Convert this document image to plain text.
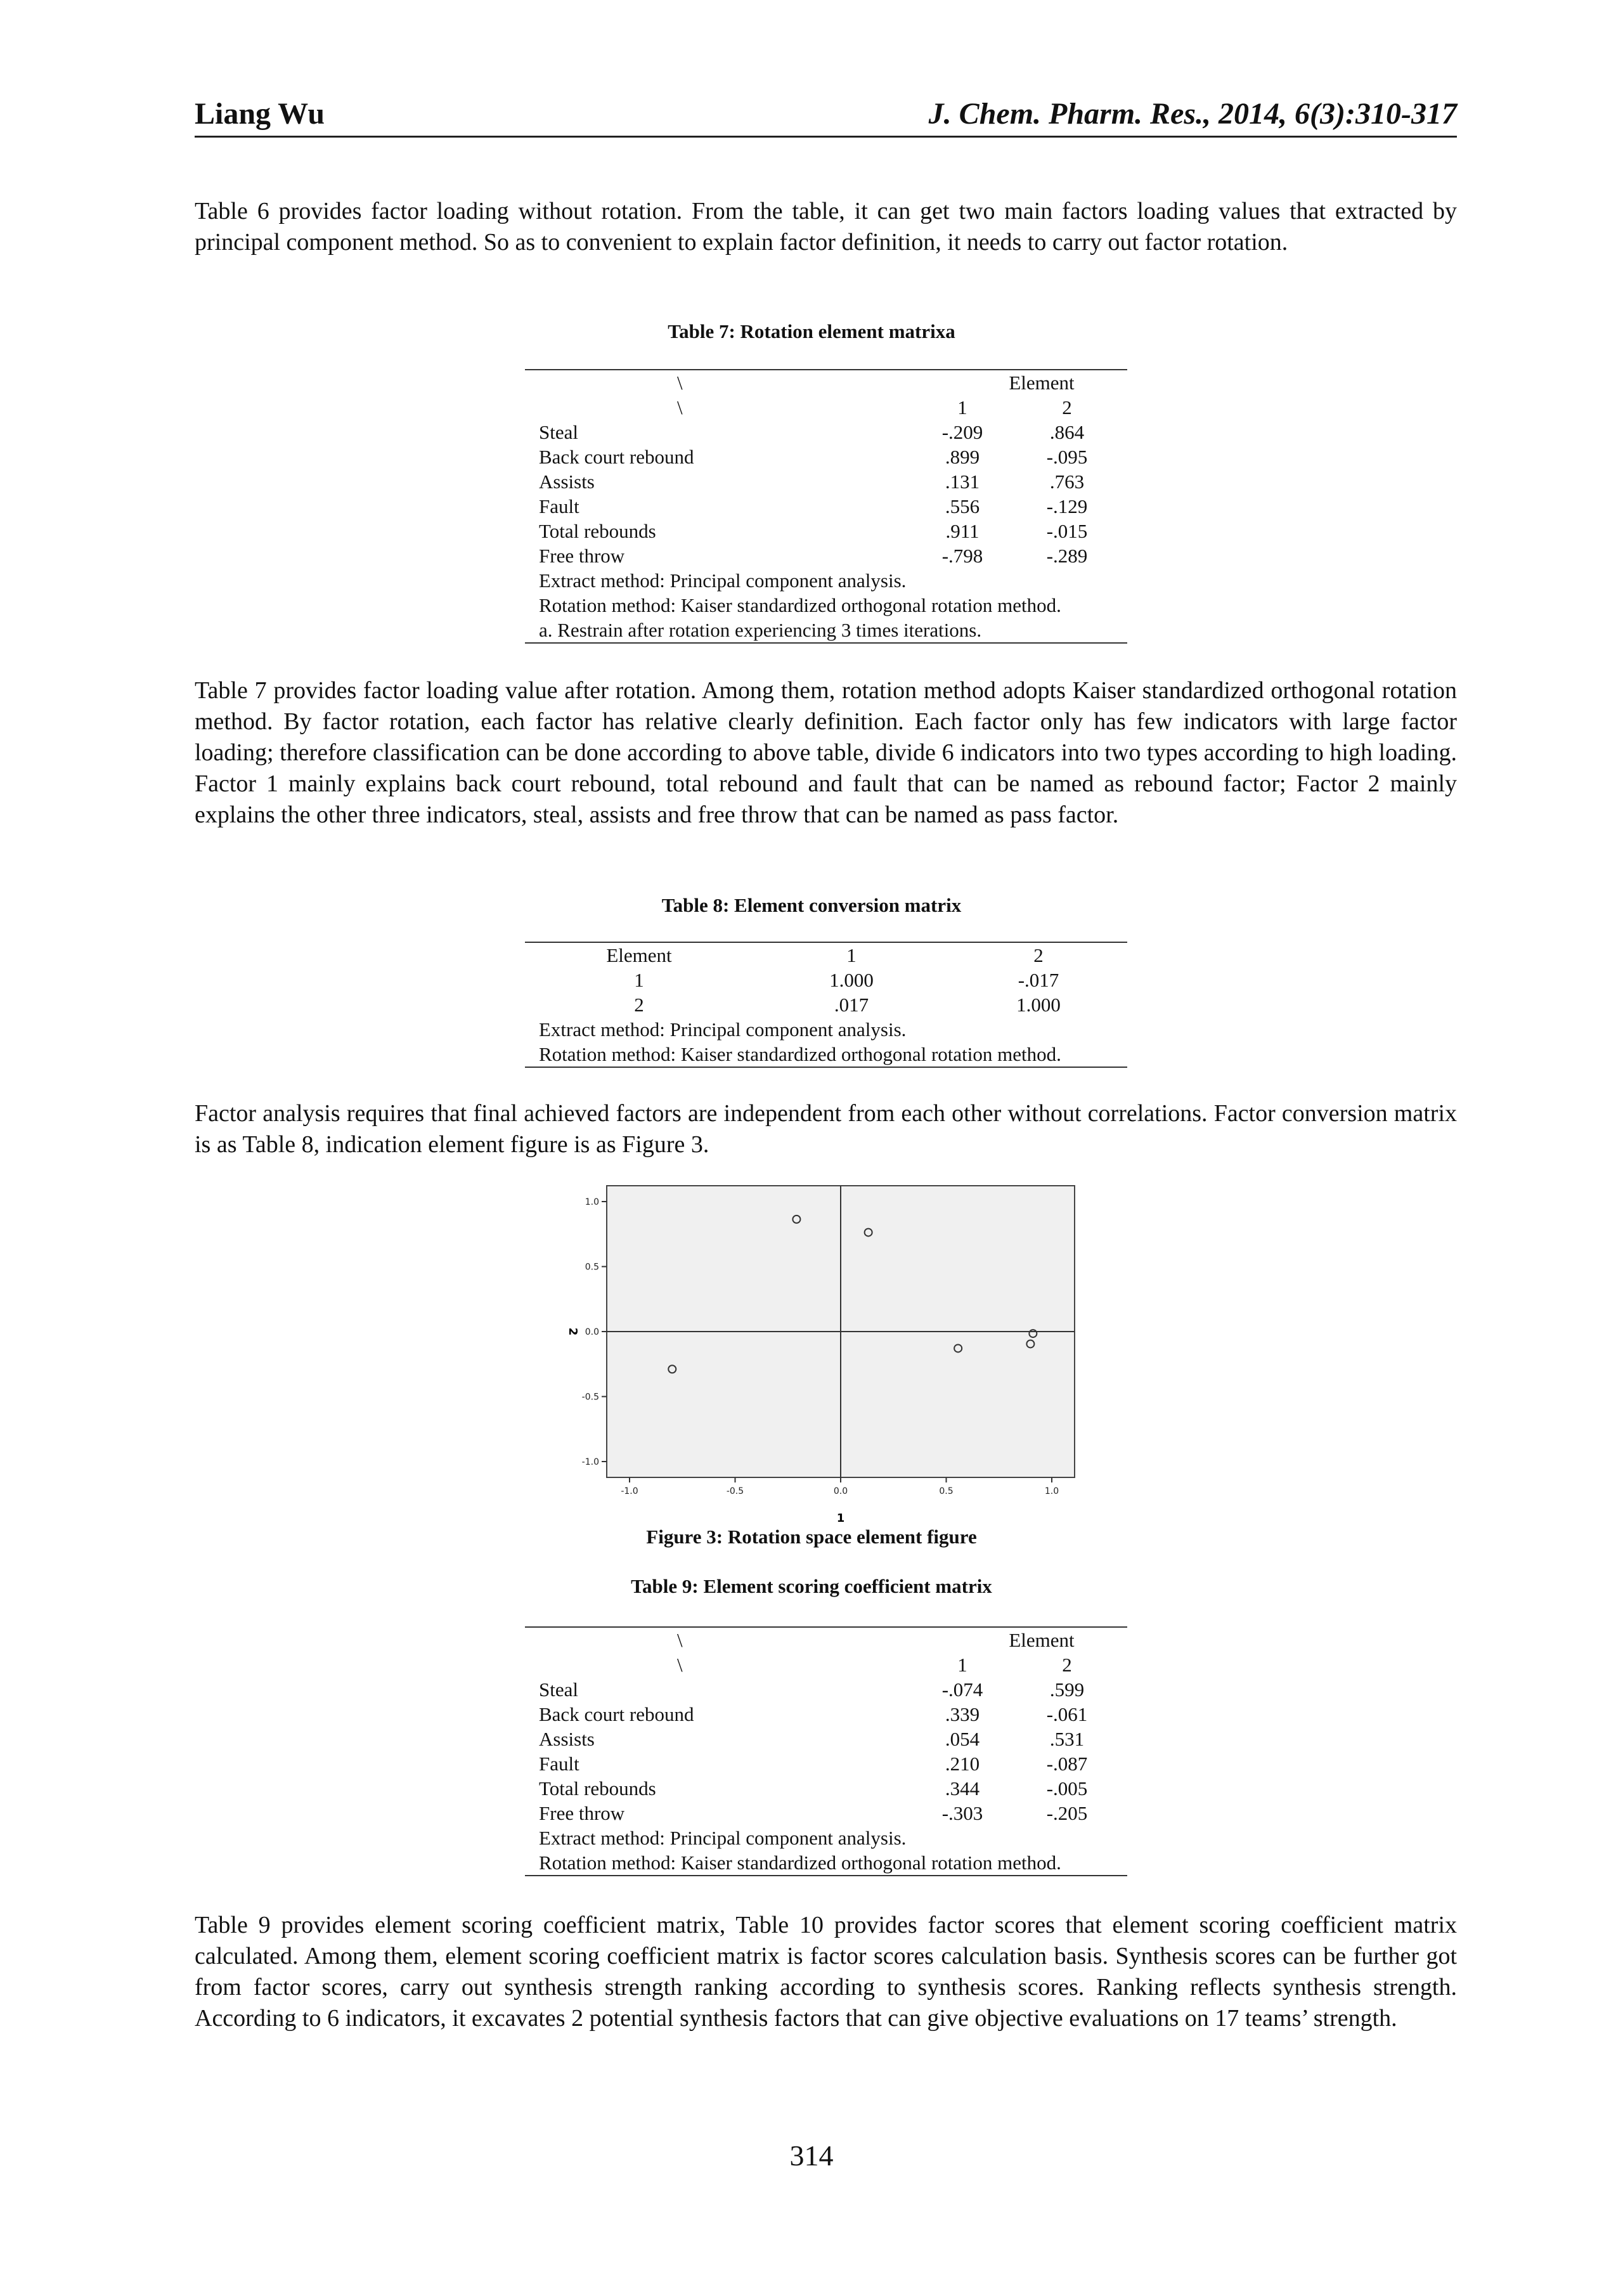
Liang Wu	J. Chem. Pharm. Res., 2014, 6(3):310-317

Table 6 provides factor loading without rotation. From the table, it can get two main factors loading values that extracted by principal component method. So as to convenient to explain factor definition, it needs to carry out factor rotation.

Table 7: Rotation element matrixa
\	Element	
\	1	2
Steal	-.209	.864
Back court rebound	.899	-.095
Assists	.131	.763
Fault	.556	-.129
Total rebounds	.911	-.015
Free throw	-.798	-.289
Extract method: Principal component analysis.		
Rotation method: Kaiser standardized orthogonal rotation method.		
a. Restrain after rotation experiencing 3 times iterations.		

Table 7 provides factor loading value after rotation. Among them, rotation method adopts Kaiser standardized orthogonal rotation method. By factor rotation, each factor has relative clearly definition. Each factor only has few indicators with large factor loading; therefore classification can be done according to above table, divide 6 indicators into two types according to high loading. Factor 1 mainly explains back court rebound, total rebound and fault that can be named as rebound factor; Factor 2 mainly explains the other three indicators, steal, assists and free throw that can be named as pass factor.

Table 8: Element conversion matrix
Element	1	2
1	1.000	-.017
2	.017	1.000
Extract method: Principal component analysis.		
Rotation method: Kaiser standardized orthogonal rotation method.		

Factor analysis requires that final achieved factors are independent from each other without correlations. Factor conversion matrix is as Table 8, indication element figure is as Figure 3.

-1.0	-0.5	0.0	0.5	1.0
1.0
0.5
0.0
-0.5
-1.0
1
2
Figure 3: Rotation space element figure
Table 9: Element scoring coefficient matrix
\	Element	
\	1	2
Steal	-.074	.599
Back court rebound	.339	-.061
Assists	.054	.531
Fault	.210	-.087
Total rebounds	.344	-.005
Free throw	-.303	-.205
Extract method: Principal component analysis.		
Rotation method: Kaiser standardized orthogonal rotation method.		

Table 9 provides element scoring coefficient matrix, Table 10 provides factor scores that element scoring coefficient matrix calculated. Among them, element scoring coefficient matrix is factor scores calculation basis. Synthesis scores can be further got from factor scores, carry out synthesis strength ranking according to synthesis scores. Ranking reflects synthesis strength. According to 6 indicators, it excavates 2 potential synthesis factors that can give objective evaluations on 17 teams’ strength.

314
